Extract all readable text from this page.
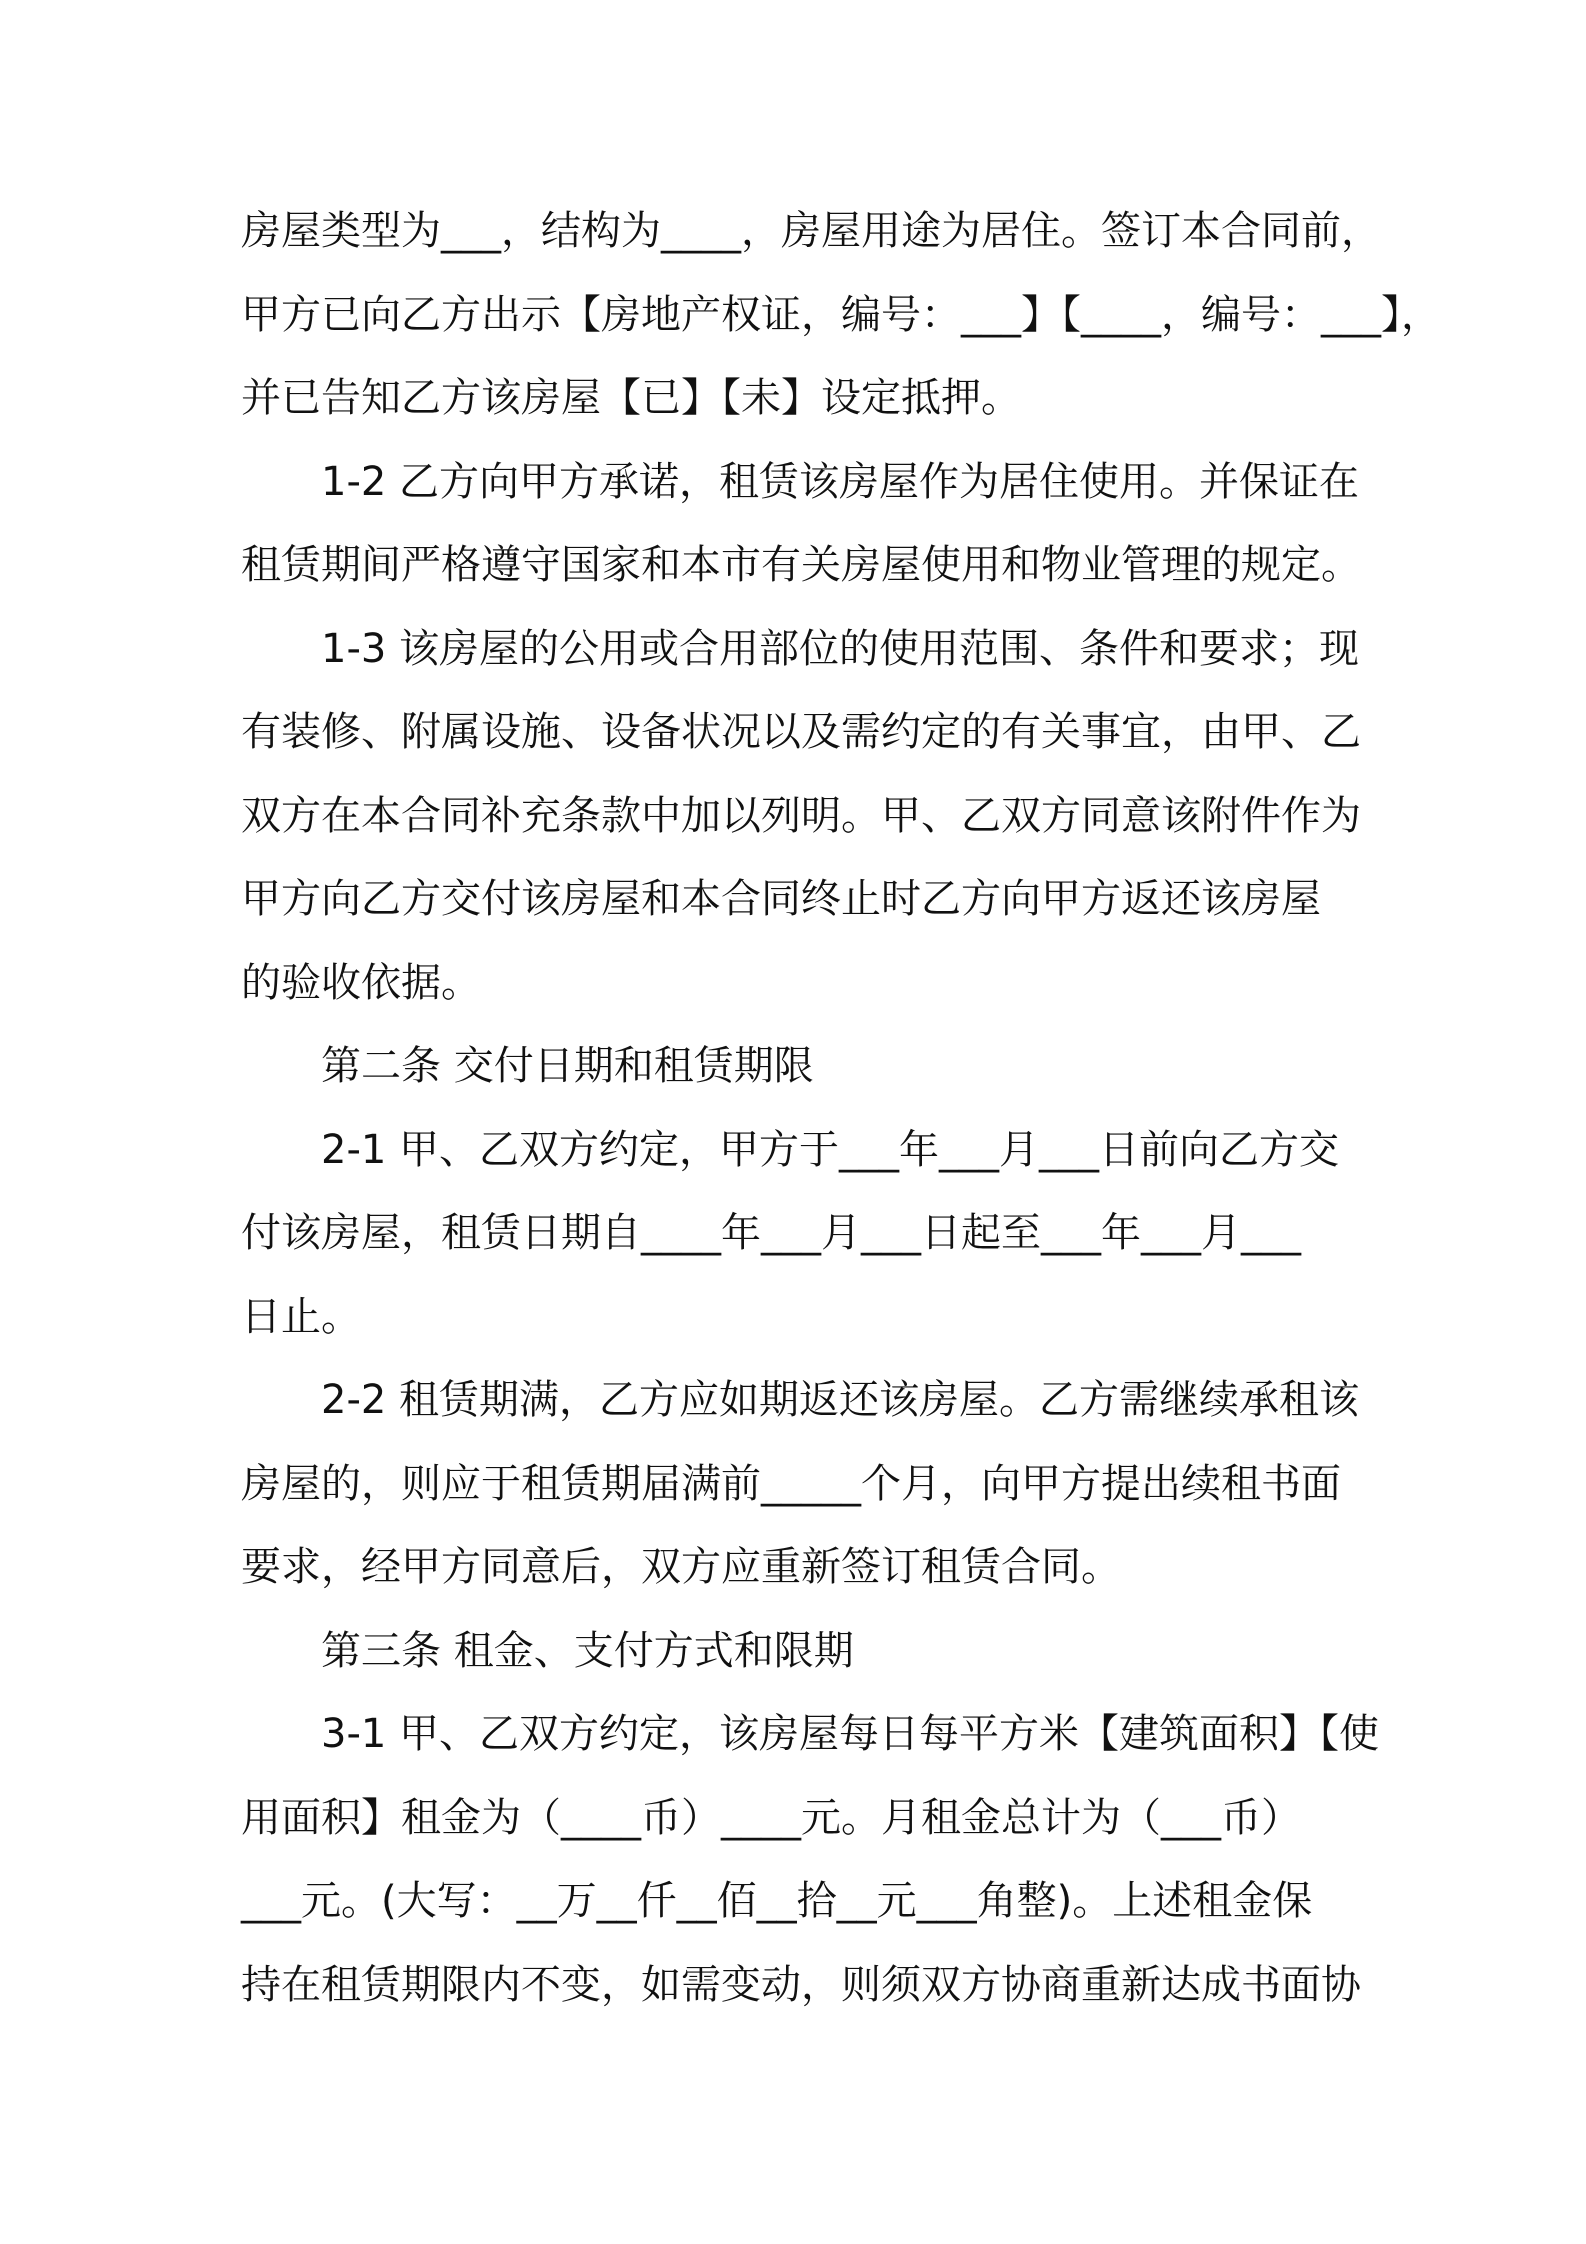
房屋类型为___，结构为____，房屋用途为居住。签订本合同前，
甲方已向乙方出示【房地产权证，编号：___】【____，编号：___】，
并已告知乙方该房屋【已】【未】设定抵押。
1-2 乙方向甲方承诺，租赁该房屋作为居住使用。并保证在
租赁期间严格遵守国家和本市有关房屋使用和物业管理的规定。
1-3 该房屋的公用或合用部位的使用范围、条件和要求；现
有装修、附属设施、设备状况以及需约定的有关事宜，由甲、乙
双方在本合同补充条款中加以列明。甲、乙双方同意该附件作为
甲方向乙方交付该房屋和本合同终止时乙方向甲方返还该房屋
的验收依据。
第二条 交付日期和租赁期限
2-1 甲、乙双方约定，甲方于___年___月___日前向乙方交
付该房屋，租赁日期自____年___月___日起至___年___月___
日止。
2-2 租赁期满，乙方应如期返还该房屋。乙方需继续承租该
房屋的，则应于租赁期届满前_____个月，向甲方提出续租书面
要求，经甲方同意后，双方应重新签订租赁合同。
第三条 租金、支付方式和限期
3-1 甲、乙双方约定，该房屋每日每平方米【建筑面积】【使
用面积】租金为（____币）____元。月租金总计为（___币）
___元。(大写：__万__仟__佰__拾__元___角整)。上述租金保
持在租赁期限内不变，如需变动，则须双方协商重新达成书面协
